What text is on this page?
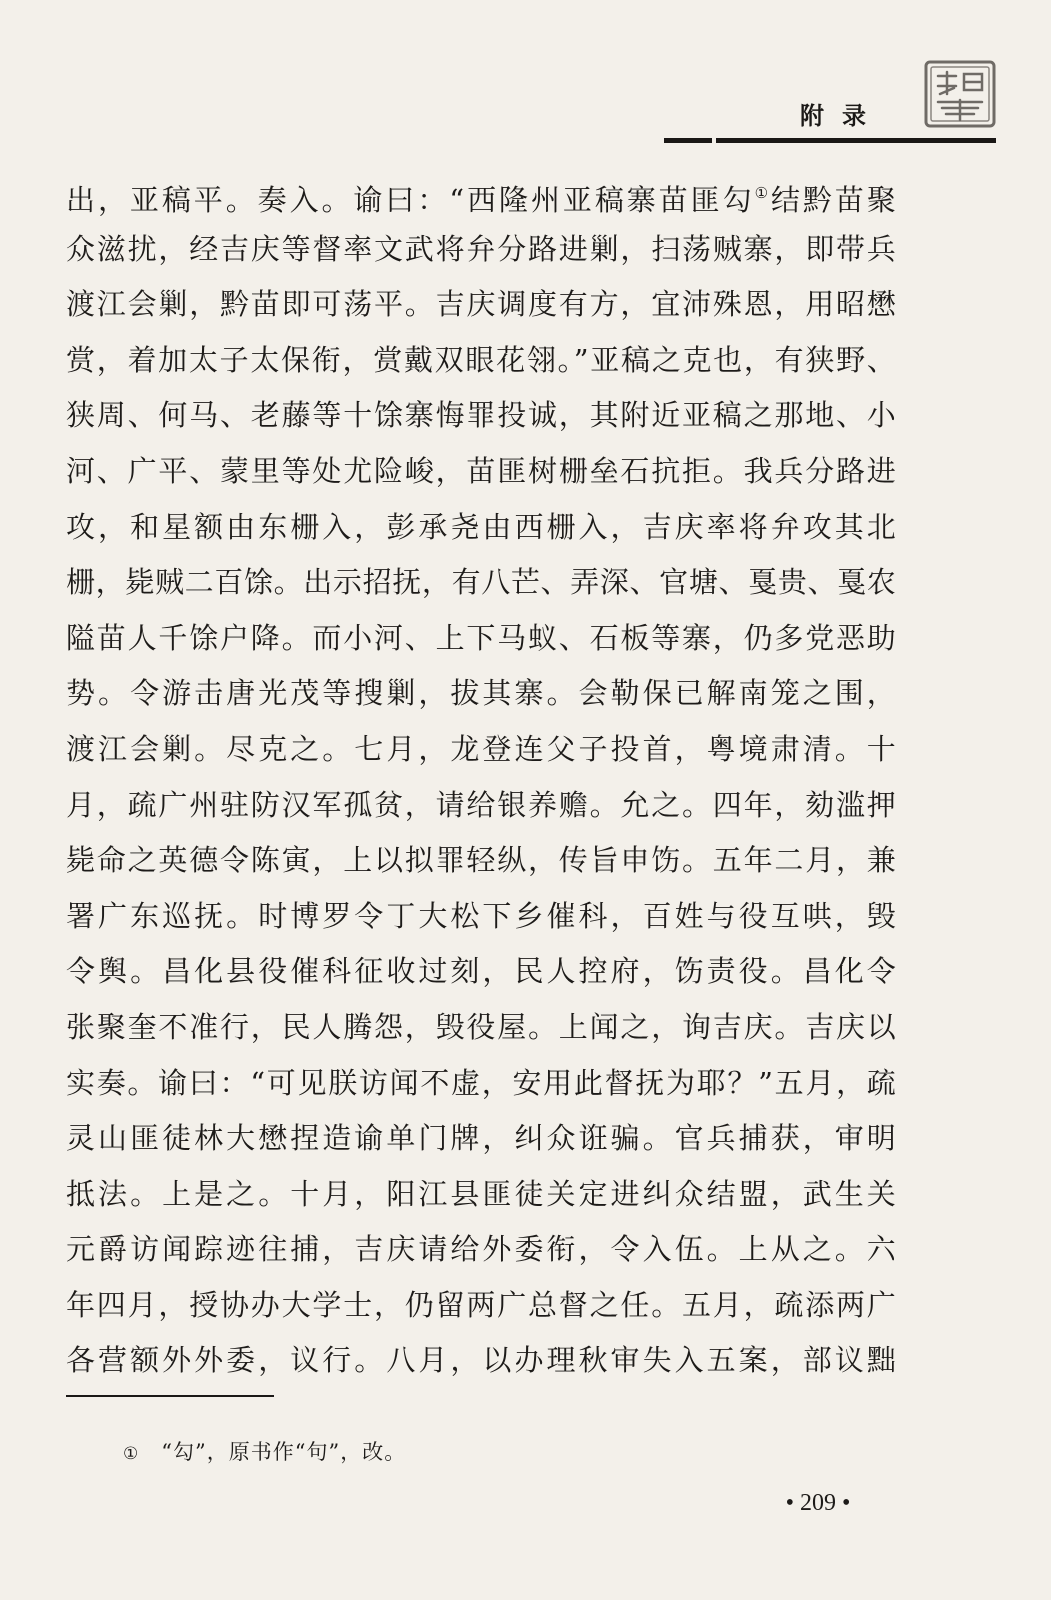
附录
出，亚稿平。奏入。谕曰：“西隆州亚稿寨苗匪勾①结黔苗聚
众滋扰，经吉庆等督率文武将弁分路进剿，扫荡贼寨，即带兵
渡江会剿，黔苗即可荡平。吉庆调度有方，宜沛殊恩，用昭懋
赏，着加太子太保衔，赏戴双眼花翎。”亚稿之克也，有狭野、
狭周、何马、老藤等十馀寨悔罪投诚，其附近亚稿之那地、小
河、广平、蒙里等处尤险峻，苗匪树栅垒石抗拒。我兵分路进
攻，和星额由东栅入，彭承尧由西栅入，吉庆率将弁攻其北
栅，毙贼二百馀。出示招抚，有八芒、弄深、官塘、戛贵、戛农
隘苗人千馀户降。而小河、上下马蚁、石板等寨，仍多党恶助
势。令游击唐光茂等搜剿，拔其寨。会勒保已解南笼之围，
渡江会剿。尽克之。七月，龙登连父子投首，粤境肃清。十
月，疏广州驻防汉军孤贫，请给银养赡。允之。四年，劾滥押
毙命之英德令陈寅，上以拟罪轻纵，传旨申饬。五年二月，兼
署广东巡抚。时博罗令丁大松下乡催科，百姓与役互哄，毁
令舆。昌化县役催科征收过刻，民人控府，饬责役。昌化令
张聚奎不准行，民人腾怨，毁役屋。上闻之，询吉庆。吉庆以
实奏。谕曰：“可见朕访闻不虚，安用此督抚为耶？”五月，疏
灵山匪徒林大懋捏造谕单门牌，纠众诳骗。官兵捕获，审明
抵法。上是之。十月，阳江县匪徒关定进纠众结盟，武生关
元爵访闻踪迹往捕，吉庆请给外委衔，令入伍。上从之。六
年四月，授协办大学士，仍留两广总督之任。五月，疏添两广
各营额外外委，议行。八月，以办理秋审失入五案，部议黜
① “勾”，原书作“句”，改。
• 209 •
